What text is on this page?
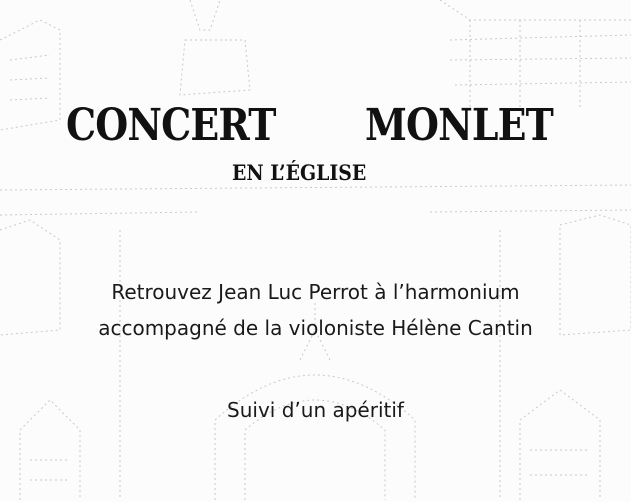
CONCERT MONLET
EN L’ÉGLISE
Retrouvez Jean Luc Perrot à l’harmonium
accompagné de la violoniste Hélène Cantin
Suivi d’un apéritif
